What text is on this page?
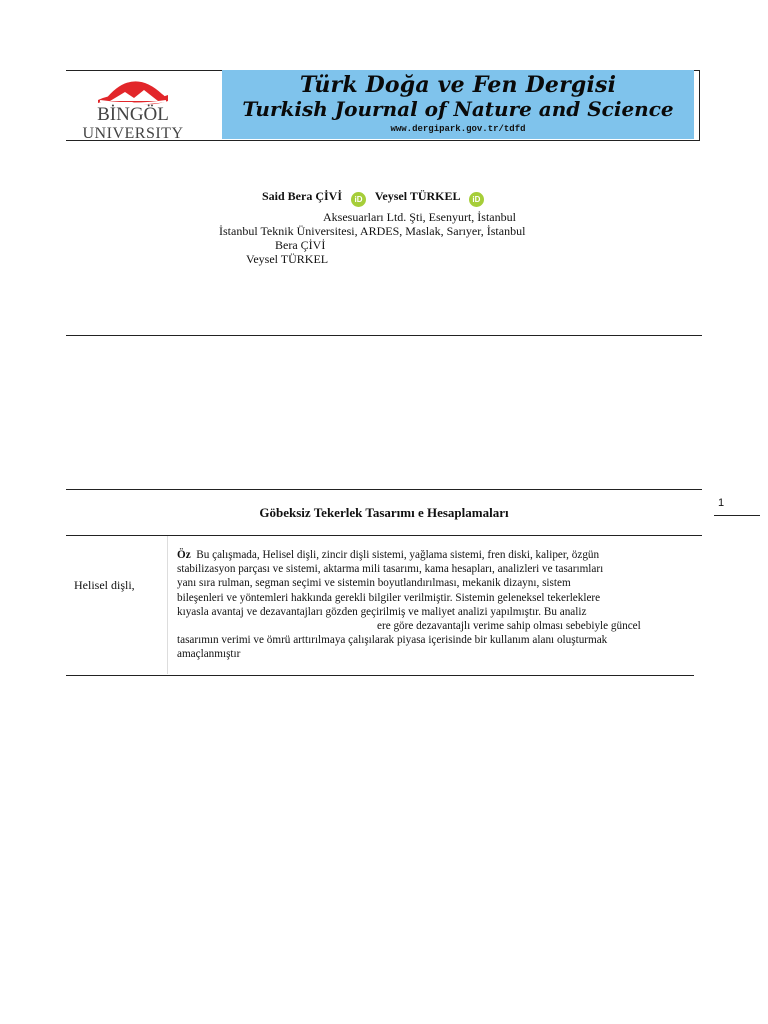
BİNGÖL
UNIVERSITY
Türk Doğa ve Fen Dergisi
Turkish Journal of Nature and Science
www.dergipark.gov.tr/tdfd
Said Bera ÇİVİ iD Veysel TÜRKEL iD
Aksesuarları Ltd. Şti, Esenyurt, İstanbul
İstanbul Teknik Üniversitesi, ARDES, Maslak, Sarıyer, İstanbul
Bera ÇİVİ
Veysel TÜRKEL
Göbeksiz Tekerlek Tasarımı e Hesaplamaları
1
Helisel dişli,
Öz Bu çalışmada, Helisel dişli, zincir dişli sistemi, yağlama sistemi, fren diski, kaliper, özgün
stabilizasyon parçası ve sistemi, aktarma mili tasarımı, kama hesapları, analizleri ve tasarımları
yanı sıra rulman, segman seçimi ve sistemin boyutlandırılması, mekanik dizaynı, sistem
bileşenleri ve yöntemleri hakkında gerekli bilgiler verilmiştir. Sistemin geleneksel tekerleklere
kıyasla avantaj ve dezavantajları gözden geçirilmiş ve maliyet analizi yapılmıştır. Bu analiz
ere göre dezavantajlı verime sahip olması sebebiyle güncel
tasarımın verimi ve ömrü arttırılmaya çalışılarak piyasa içerisinde bir kullanım alanı oluşturmak
amaçlanmıştır
